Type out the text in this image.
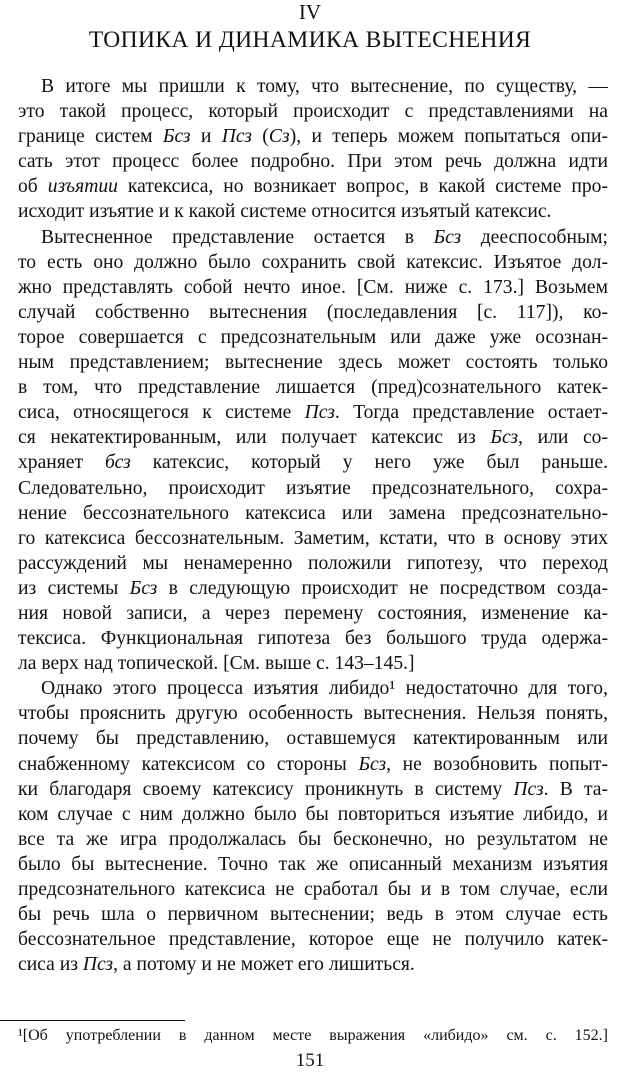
IV
ТОПИКА И ДИНАМИКА ВЫТЕСНЕНИЯ
В итоге мы пришли к тому, что вытеснение, по существу, —
это такой процесс, который происходит с представлениями на
границе систем Бсз и Псз (Сз), и теперь можем попытаться опи-
сать этот процесс более подробно. При этом речь должна идти
об изъятии катексиса, но возникает вопрос, в какой системе про-
исходит изъятие и к какой системе относится изъятый катексис.
Вытесненное представление остается в Бсз дееспособным;
то есть оно должно было сохранить свой катексис. Изъятое дол-
жно представлять собой нечто иное. [См. ниже с. 173.] Возьмем
случай собственно вытеснения (последавления [с. 117]), ко-
торое совершается с предсознательным или даже уже осознан-
ным представлением; вытеснение здесь может состоять только
в том, что представление лишается (пред)сознательного катек-
сиса, относящегося к системе Псз. Тогда представление остает-
ся некатектированным, или получает катексис из Бсз, или со-
храняет бсз катексис, который у него уже был раньше.
Следовательно, происходит изъятие предсознательного, сохра-
нение бессознательного катексиса или замена предсознательно-
го катексиса бессознательным. Заметим, кстати, что в основу этих
рассуждений мы ненамеренно положили гипотезу, что переход
из системы Бсз в следующую происходит не посредством созда-
ния новой записи, а через перемену состояния, изменение ка-
тексиса. Функциональная гипотеза без большого труда одержа-
ла верх над топической. [См. выше с. 143–145.]
Однако этого процесса изъятия либидо¹ недостаточно для того,
чтобы прояснить другую особенность вытеснения. Нельзя понять,
почему бы представлению, оставшемуся катектированным или
снабженному катексисом со стороны Бсз, не возобновить попыт-
ки благодаря своему катексису проникнуть в систему Псз. В та-
ком случае с ним должно было бы повториться изъятие либидо, и
все та же игра продолжалась бы бесконечно, но результатом не
было бы вытеснение. Точно так же описанный механизм изъятия
предсознательного катексиса не сработал бы и в том случае, если
бы речь шла о первичном вытеснении; ведь в этом случае есть
бессознательное представление, которое еще не получило катек-
сиса из Псз, а потому и не может его лишиться.
¹[Об употреблении в данном месте выражения «либидо» см. с. 152.]
151
